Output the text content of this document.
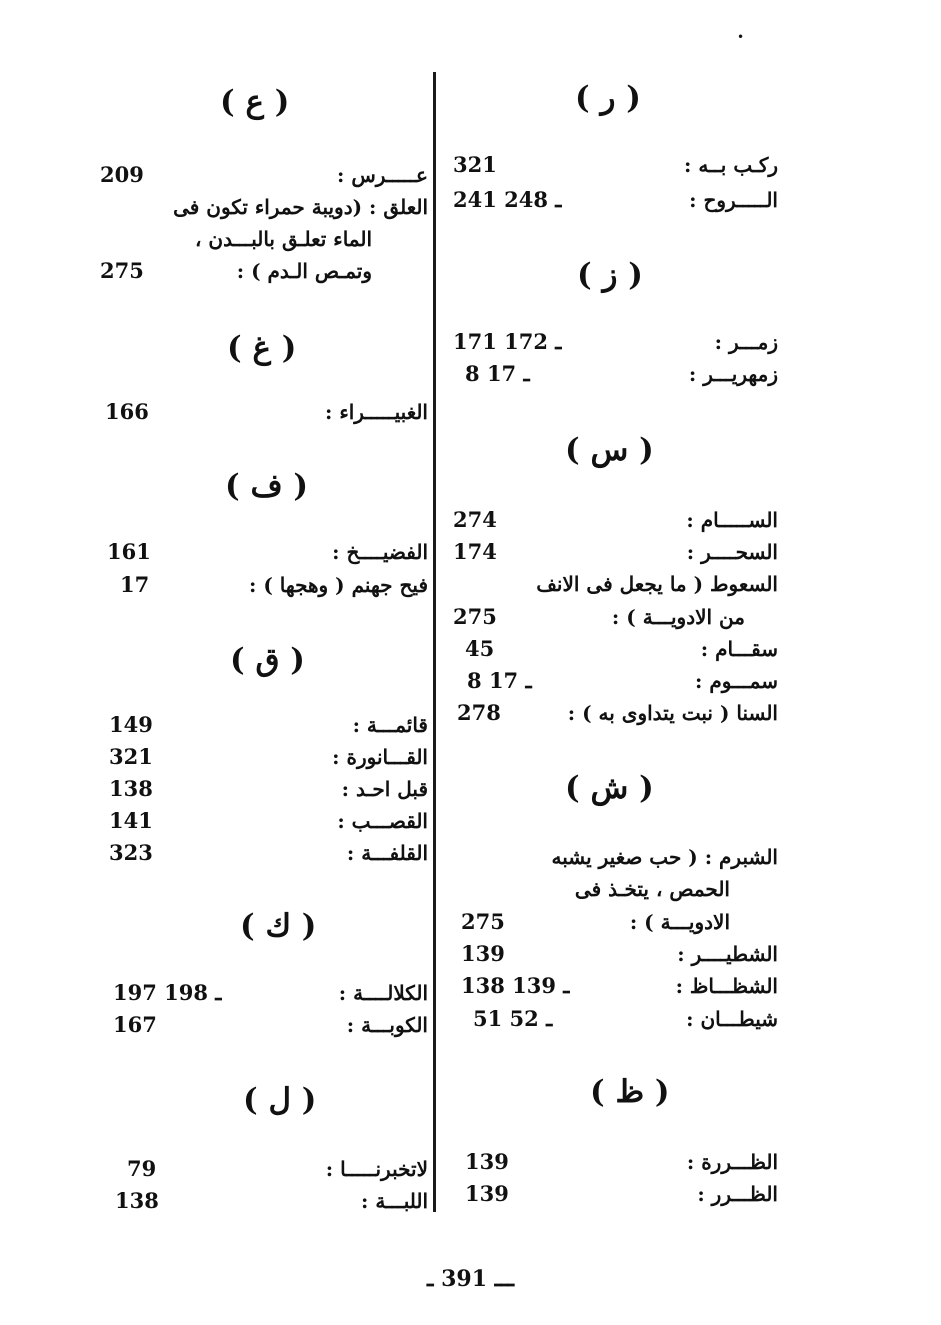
•
( ر )
ركـب بــه :
321
الـــــروح :
241 ـ 248
( ز )
زمـــر :
171 ـ 172
زمهريـــر :
8 ـ 17
( س )
الســـــام :
274
السحــــر :
174
السعوط ( ما يجعل فى الانف
من الادويـــة ) :
275
سقـــام :
45
سمـــوم :
8 ـ 17
السنا ( نبت يتداوى به ) :
278
( ش )
الشبرم : ( حب صغير يشبه
الحمص ، يتخـذ فى
الادويـــة ) :
275
الشطيــــر :
139
الشظـــاظ :
138 ـ 139
شيطـــان :
51 ـ 52
( ظ )
الظـــررة :
139
الظـــرر :
139
( ع )
عـــــرس :
209
العلق : (دويبة حمراء تكون فى
الماء تعلـق بالبـــدن ،
وتمـص الـدم ) :
275
( غ )
الغبيـــــراء :
166
( ف )
الفضيــــخ :
161
فيح جهنم ( وهجها ) :
17
( ق )
قائمـــة :
149
القـــانورة :
321
قبل احـد :
138
القصـــب :
141
القلفـــة :
323
( ك )
الكلالــــة :
197 ـ 198
الكوبـــة :
167
( ل )
لاتخبرنـــــا :
79
اللبـــة :
138
ـــ 391 ـ
